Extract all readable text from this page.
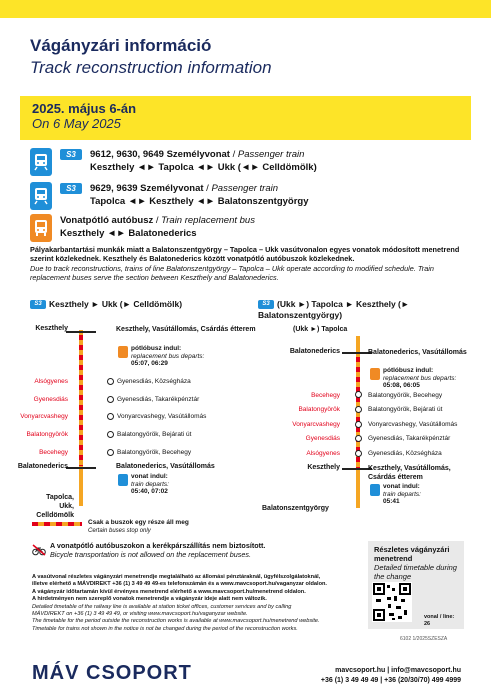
Vágányzári információ
Track reconstruction information
2025. május 6-án
On 6 May 2025
S3	9612, 9630, 9649 Személyvonat / Passenger train
Keszthely ◄► Tapolca ◄► Ukk (◄► Celldömölk)
S3	9629, 9639 Személyvonat / Passenger train
Tapolca ◄► Keszthely ◄► Balatonszentgyörgy
Vonatpótló autóbusz / Train replacement bus
Keszthely ◄► Balatonederics
Pályakarbantartási munkák miatt a Balatonszentgyörgy – Tapolca – Ukk vasútvonalon egyes vonatok módosított menetrend szerint közlekednek. Keszthely és Balatonederics között vonatpótló autóbuszok közlekednek.
Due to track reconstructions, trains of line Balatonszentgyörgy – Tapolca – Ukk operate according to modified schedule. Train replacement buses serve the section between Keszthely and Balatonederics.
S3 Keszthely ► Ukk (► Celldömölk)
Keszthely	Keszthely, Vasútállomás, Csárdás étterem
pótlóbusz indul:
replacement bus departs:
05:07, 06:29
Alsógyenes	Gyenesdiás, Községháza
Gyenesdiás	Gyenesdiás, Takarékpénztár
Vonyarcvashegy	Vonyarcvashegy, Vasútállomás
Balatongyörök	Balatongyörök, Bejárati út
Becehegy	Balatongyörök, Becehegy
Balatonederics	Balatonederics, Vasútállomás
vonat indul:
train departs:
05:40, 07:02
Tapolca, Ukk, Celldömölk
S3 (Ukk ►) Tapolca ► Keszthely (► Balatonszentgyörgy)
(Ukk ►) Tapolca
Balatonederics	Balatonederics, Vasútállomás
pótlóbusz indul:
replacement bus departs:
05:08, 06:05
Becehegy	Balatongyörök, Becehegy
Balatongyörök	Balatongyörök, Bejárati út
Vonyarcvashegy	Vonyarcvashegy, Vasútállomás
Gyenesdiás	Gyenesdiás, Takarékpénztár
Alsógyenes	Gyenesdiás, Községháza
Keszthely	Keszthely, Vasútállomás, Csárdás étterem
vonat indul:
train departs:
05:41
Balatonszentgyörgy
Csak a buszok egy része áll meg
Certain buses stop only
A vonatpótló autóbuszokon a kerékpárszállítás nem biztosított.
Bicycle transportation is not allowed on the replacement buses.
A vasútvonal részletes vágányzári menetrendje megtalálható az állomási pénztáraknál, ügyfélszolgálatoknál,
illetve elérhető a MÁVDIREKT +36 (1) 3 49 49 49-es telefonszámán és a www.mavcsoport.hu/vaganyzar oldalon.
A vágányzár időtartamán kívül érvényes menetrend elérhető a www.mavcsoport.hu/menetrend oldalon.
A hirdetményen nem szereplő vonatok menetrendje a vágányzár ideje alatt nem változik.
Detailed timetable of the railway line is available at station ticket offices, customer services and by calling
MÁVDIREKT on +36 (1) 3 49 49 49, or visiting www.mavcsoport.hu/vaganyzar website.
The timetable for the period outside the reconstruction works is available at www.mavcsoport.hu/menetrend website.
Timetable for trains not shown in the notice is not be changed during the period of the reconstruction works.
Részletes vágányzári menetrend
Detailed timetable during the change
vonal / line:
26
6102 1/2025SZESZA
MÁV CSOPORT	mavcsoport.hu | info@mavcsoport.hu
+36 (1) 3 49 49 49 | +36 (20/30/70) 499 4999
